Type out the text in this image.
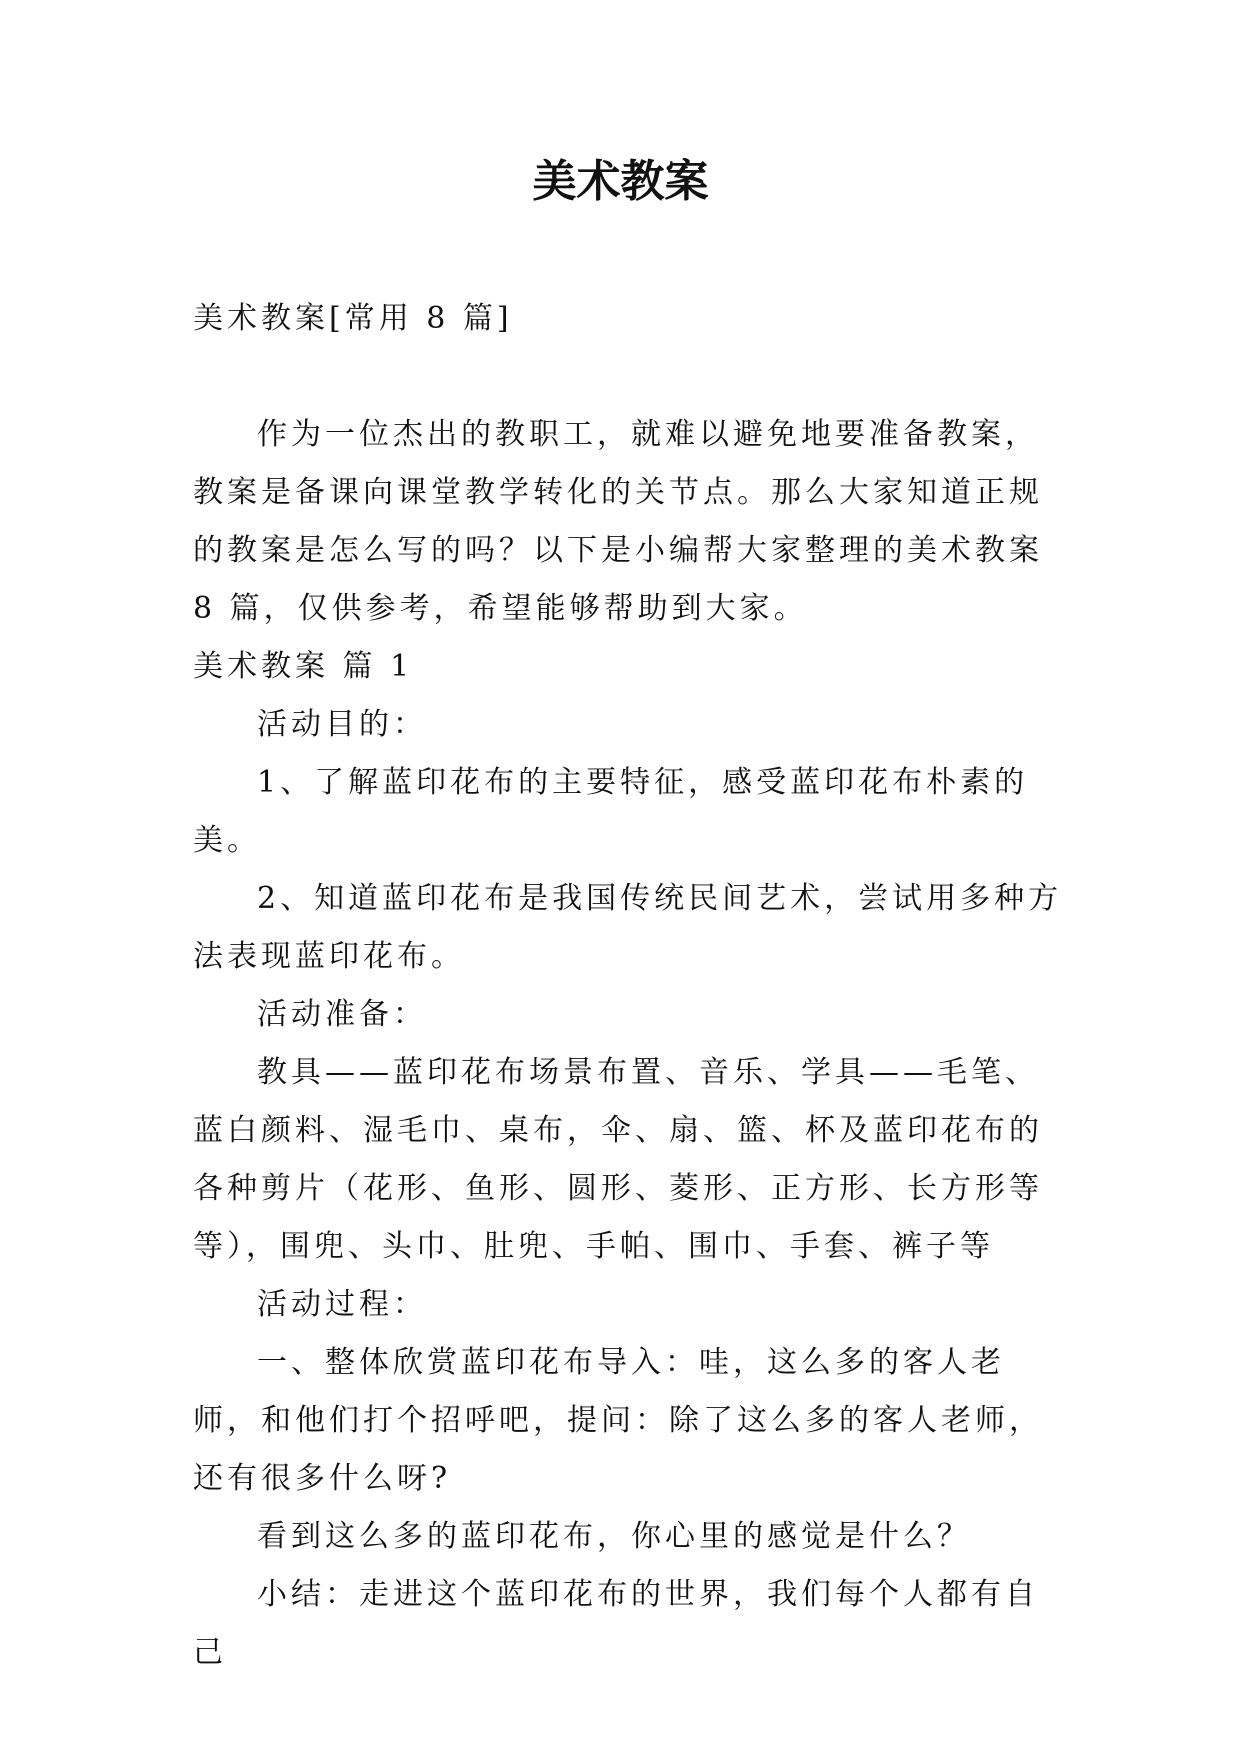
美术教案

美术教案[常用 8 篇]

作为一位杰出的教职工，就难以避免地要准备教案，教案是备课向课堂教学转化的关节点。那么大家知道正规的教案是怎么写的吗？以下是小编帮大家整理的美术教案 8 篇，仅供参考，希望能够帮助到大家。

美术教案 篇 1

活动目的：

1、了解蓝印花布的主要特征，感受蓝印花布朴素的美。

2、知道蓝印花布是我国传统民间艺术，尝试用多种方法表现蓝印花布。

活动准备：

教具——蓝印花布场景布置、音乐、学具——毛笔、蓝白颜料、湿毛巾、桌布，伞、扇、篮、杯及蓝印花布的各种剪片（花形、鱼形、圆形、菱形、正方形、长方形等等），围兜、头巾、肚兜、手帕、围巾、手套、裤子等

活动过程：

一、整体欣赏蓝印花布导入：哇，这么多的客人老师，和他们打个招呼吧，提问：除了这么多的客人老师，还有很多什么呀?

看到这么多的蓝印花布，你心里的感觉是什么？

小结：走进这个蓝印花布的世界，我们每个人都有自己
